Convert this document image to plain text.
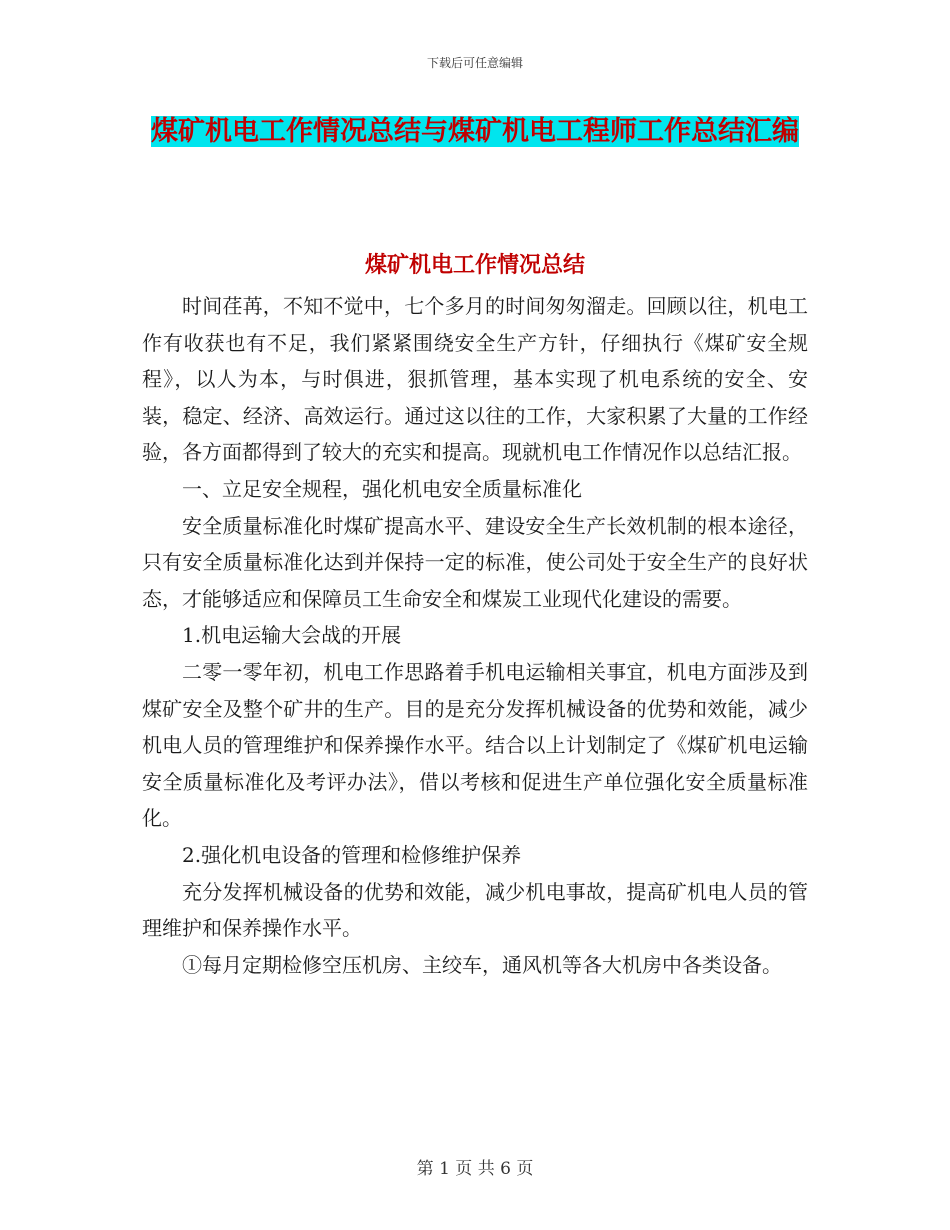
下载后可任意编辑
煤矿机电工作情况总结与煤矿机电工程师工作总结汇编
煤矿机电工作情况总结

时间荏苒，不知不觉中，七个多月的时间匆匆溜走。回顾以往，机电工作有收获也有不足，我们紧紧围绕安全生产方针，仔细执行《煤矿安全规程》，以人为本，与时俱进，狠抓管理，基本实现了机电系统的安全、安装，稳定、经济、高效运行。通过这以往的工作，大家积累了大量的工作经验，各方面都得到了较大的充实和提高。现就机电工作情况作以总结汇报。

一、立足安全规程，强化机电安全质量标准化

安全质量标准化时煤矿提高水平、建设安全生产长效机制的根本途径，只有安全质量标准化达到并保持一定的标准，使公司处于安全生产的良好状态，才能够适应和保障员工生命安全和煤炭工业现代化建设的需要。

1.机电运输大会战的开展

二零一零年初，机电工作思路着手机电运输相关事宜，机电方面涉及到煤矿安全及整个矿井的生产。目的是充分发挥机械设备的优势和效能，减少机电人员的管理维护和保养操作水平。结合以上计划制定了《煤矿机电运输安全质量标准化及考评办法》，借以考核和促进生产单位强化安全质量标准化。

2.强化机电设备的管理和检修维护保养

充分发挥机械设备的优势和效能，减少机电事故，提高矿机电人员的管理维护和保养操作水平。

①每月定期检修空压机房、主绞车，通风机等各大机房中各类设备。

第 1 页 共 6 页
